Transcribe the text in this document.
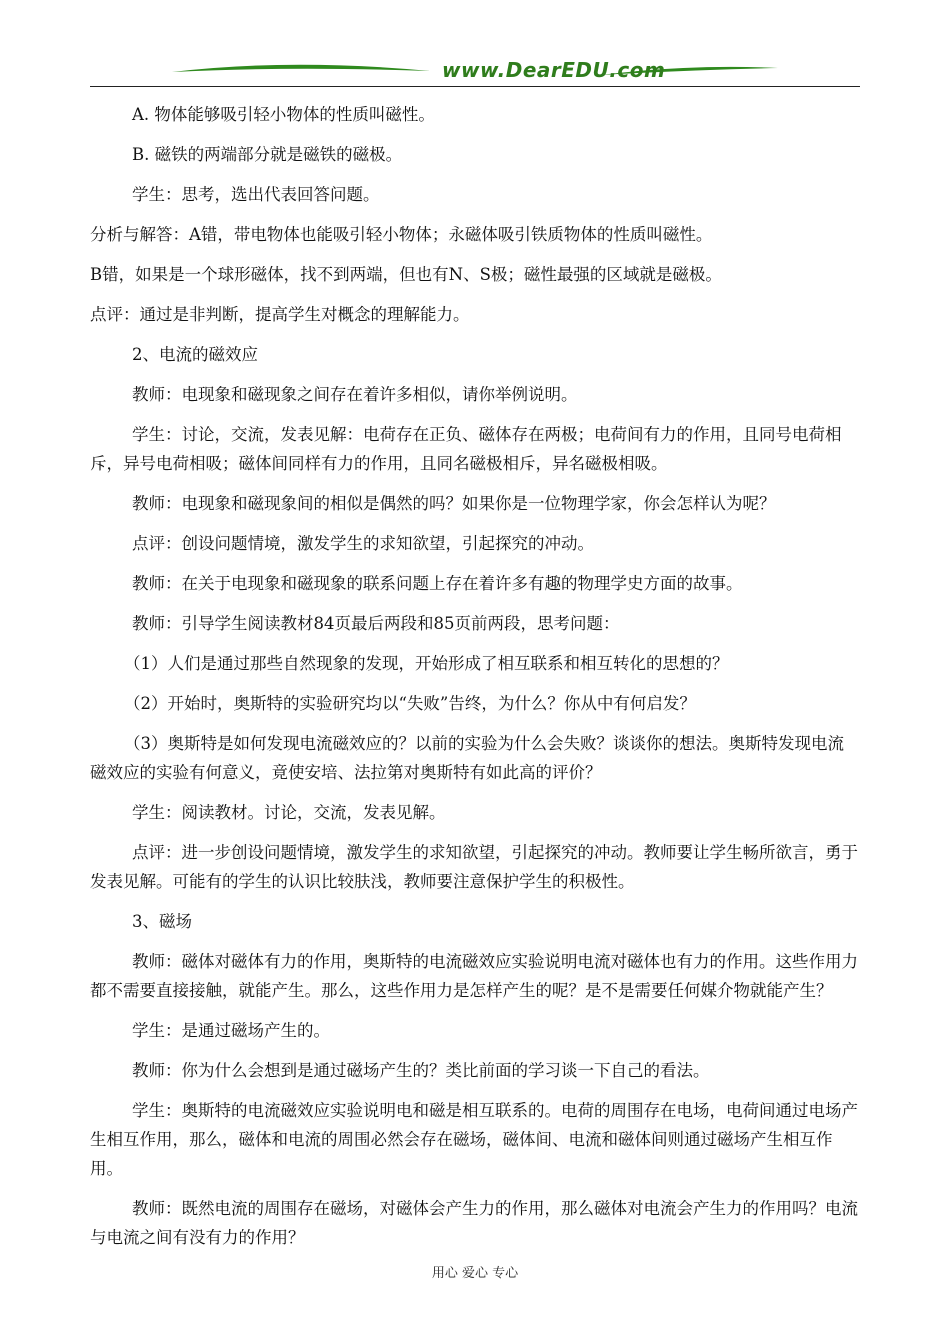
www.DearEDU.com

A. 物体能够吸引轻小物体的性质叫磁性。

B. 磁铁的两端部分就是磁铁的磁极。

学生：思考，选出代表回答问题。

分析与解答：A错，带电物体也能吸引轻小物体；永磁体吸引铁质物体的性质叫磁性。

B错，如果是一个球形磁体，找不到两端，但也有N、S极；磁性最强的区域就是磁极。

点评：通过是非判断，提高学生对概念的理解能力。

2、电流的磁效应

教师：电现象和磁现象之间存在着许多相似，请你举例说明。

学生：讨论，交流，发表见解：电荷存在正负、磁体存在两极；电荷间有力的作用，且同号电荷相斥，异号电荷相吸；磁体间同样有力的作用，且同名磁极相斥，异名磁极相吸。

教师：电现象和磁现象间的相似是偶然的吗？如果你是一位物理学家，你会怎样认为呢？

点评：创设问题情境，激发学生的求知欲望，引起探究的冲动。

教师：在关于电现象和磁现象的联系问题上存在着许多有趣的物理学史方面的故事。

教师：引导学生阅读教材84页最后两段和85页前两段，思考问题：

（1）人们是通过那些自然现象的发现，开始形成了相互联系和相互转化的思想的？

（2）开始时，奥斯特的实验研究均以“失败”告终，为什么？你从中有何启发？

（3）奥斯特是如何发现电流磁效应的？以前的实验为什么会失败？谈谈你的想法。奥斯特发现电流磁效应的实验有何意义，竟使安培、法拉第对奥斯特有如此高的评价？

学生：阅读教材。讨论，交流，发表见解。

点评：进一步创设问题情境，激发学生的求知欲望，引起探究的冲动。教师要让学生畅所欲言，勇于发表见解。可能有的学生的认识比较肤浅，教师要注意保护学生的积极性。

3、磁场

教师：磁体对磁体有力的作用，奥斯特的电流磁效应实验说明电流对磁体也有力的作用。这些作用力都不需要直接接触，就能产生。那么，这些作用力是怎样产生的呢？是不是需要任何媒介物就能产生？

学生：是通过磁场产生的。

教师：你为什么会想到是通过磁场产生的？类比前面的学习谈一下自己的看法。

学生：奥斯特的电流磁效应实验说明电和磁是相互联系的。电荷的周围存在电场，电荷间通过电场产生相互作用，那么，磁体和电流的周围必然会存在磁场，磁体间、电流和磁体间则通过磁场产生相互作用。

教师：既然电流的周围存在磁场，对磁体会产生力的作用，那么磁体对电流会产生力的作用吗？电流与电流之间有没有力的作用？

用心 爱心 专心
